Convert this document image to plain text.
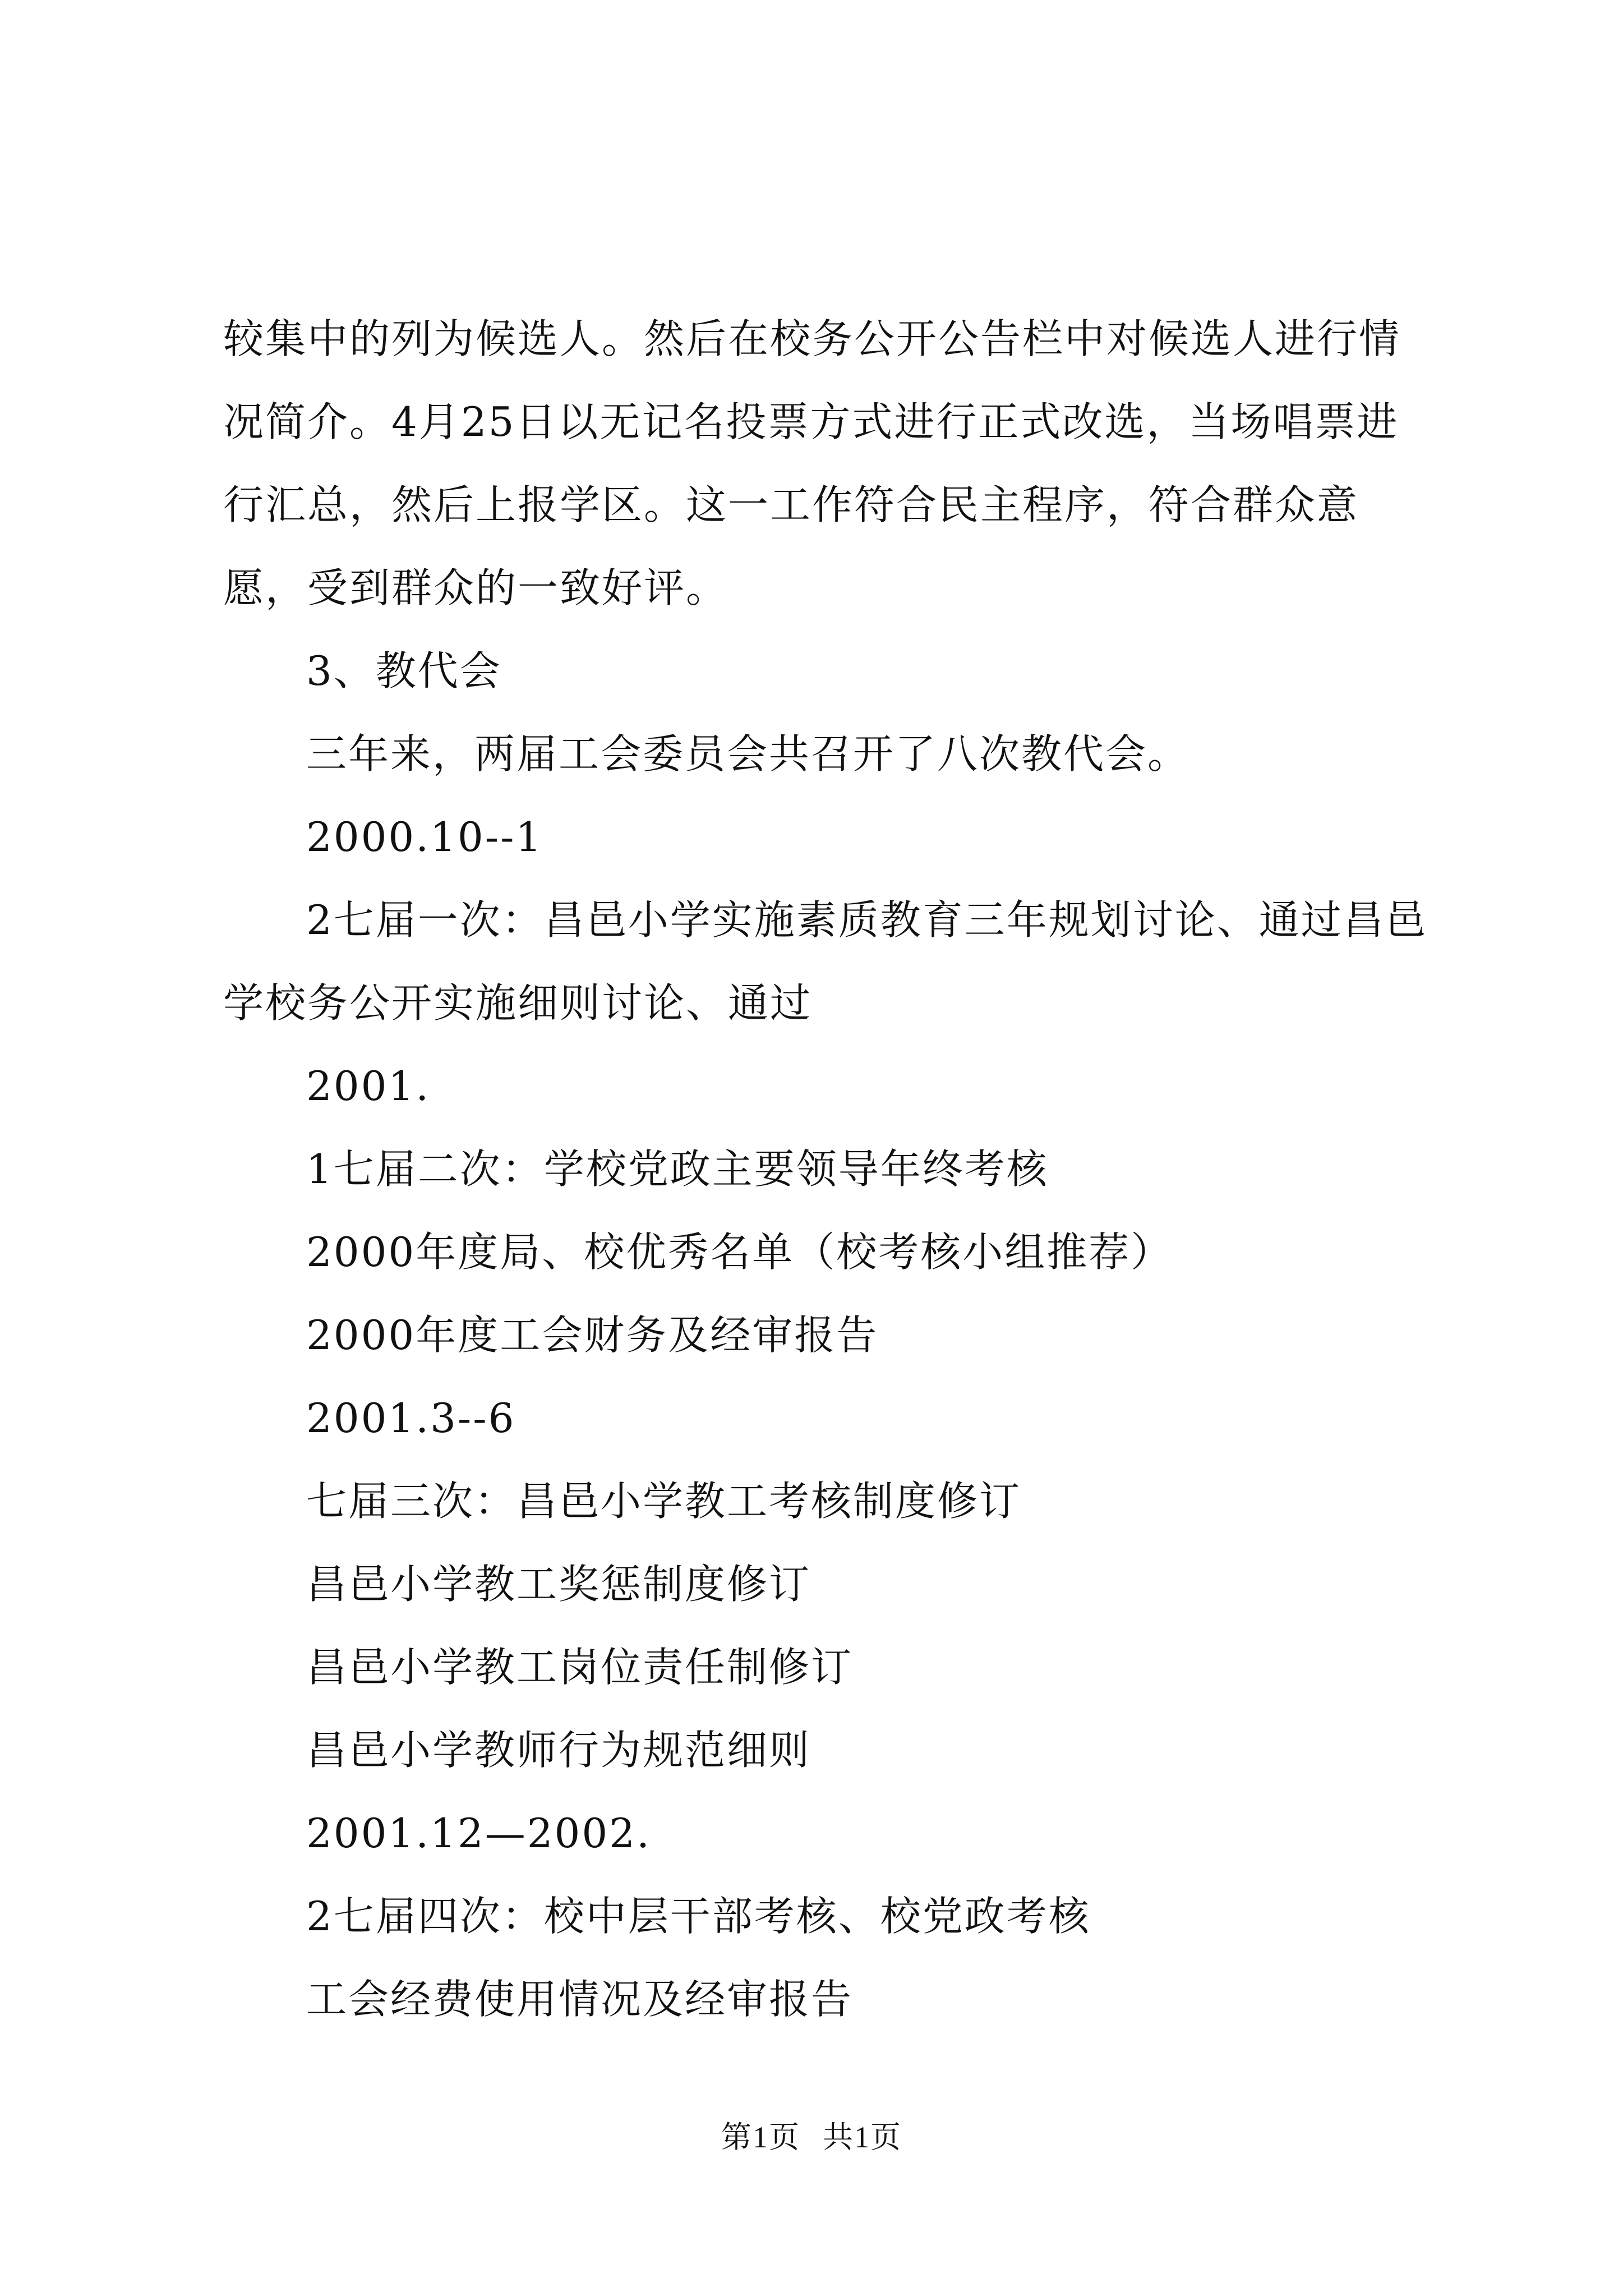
较集中的列为候选人。然后在校务公开公告栏中对候选人进行情况简介。4月25日以无记名投票方式进行正式改选，当场唱票进行汇总，然后上报学区。这一工作符合民主程序，符合群众意愿，受到群众的一致好评。

3、教代会

三年来，两届工会委员会共召开了八次教代会。

2000.10--1

2七届一次：昌邑小学实施素质教育三年规划讨论、通过昌邑学校务公开实施细则讨论、通过

2001.

1七届二次：学校党政主要领导年终考核

2000年度局、校优秀名单（校考核小组推荐）

2000年度工会财务及经审报告

2001.3--6

七届三次：昌邑小学教工考核制度修订

昌邑小学教工奖惩制度修订

昌邑小学教工岗位责任制修订

昌邑小学教师行为规范细则

2001.12—2002.

2七届四次：校中层干部考核、校党政考核

工会经费使用情况及经审报告

第1页 共1页
